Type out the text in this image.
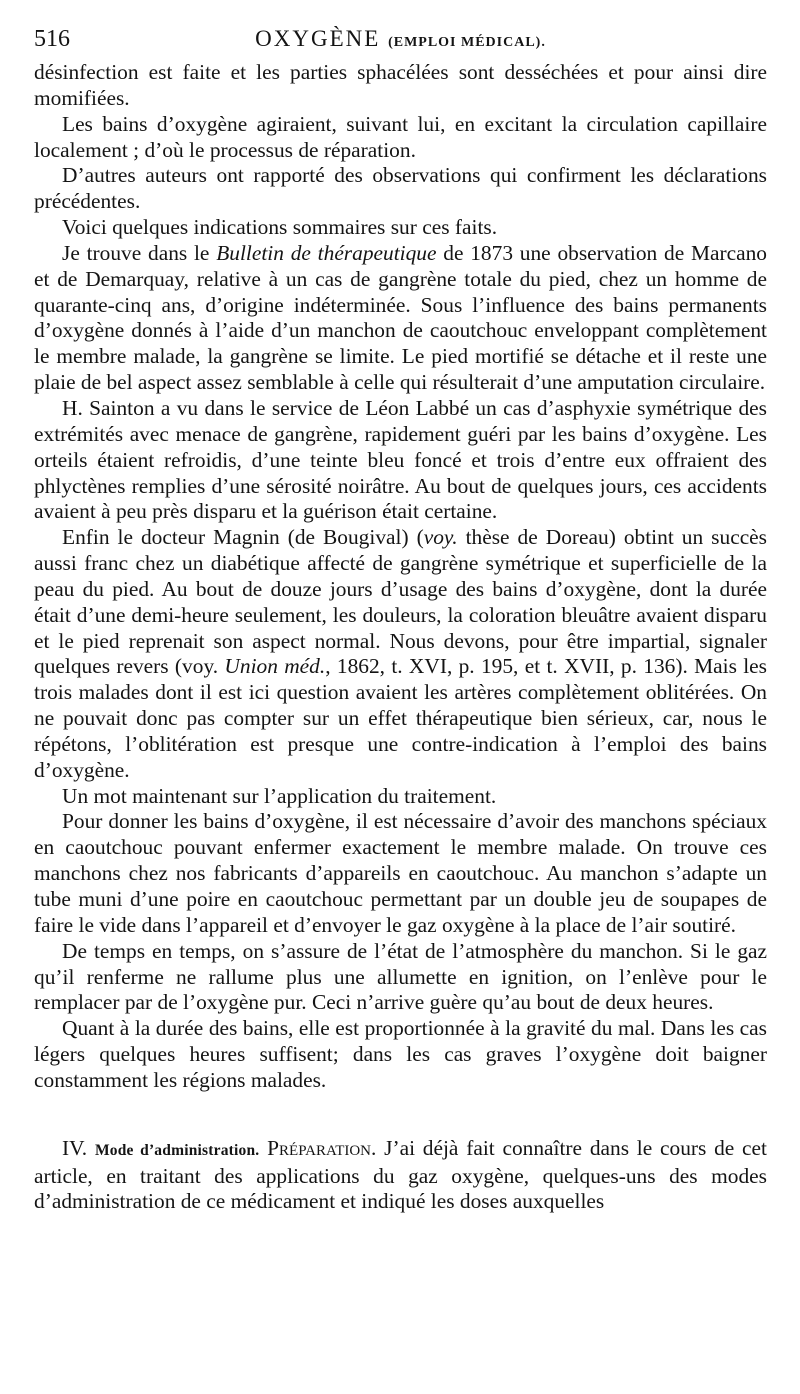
516	OXYGÈNE (EMPLOI MÉDICAL).

désinfection est faite et les parties sphacélées sont desséchées et pour ainsi dire momifiées.

Les bains d’oxygène agiraient, suivant lui, en excitant la circulation capillaire localement ; d’où le processus de réparation.

D’autres auteurs ont rapporté des observations qui confirment les déclarations précédentes.

Voici quelques indications sommaires sur ces faits.

Je trouve dans le Bulletin de thérapeutique de 1873 une observation de Marcano et de Demarquay, relative à un cas de gangrène totale du pied, chez un homme de quarante-cinq ans, d’origine indéterminée. Sous l’influence des bains permanents d’oxygène donnés à l’aide d’un manchon de caoutchouc enveloppant complètement le membre malade, la gangrène se limite. Le pied mortifié se détache et il reste une plaie de bel aspect assez semblable à celle qui résulterait d’une amputation circulaire.

H. Sainton a vu dans le service de Léon Labbé un cas d’asphyxie symétrique des extrémités avec menace de gangrène, rapidement guéri par les bains d’oxygène. Les orteils étaient refroidis, d’une teinte bleu foncé et trois d’entre eux offraient des phlyctènes remplies d’une sérosité noirâtre. Au bout de quelques jours, ces accidents avaient à peu près disparu et la guérison était certaine.

Enfin le docteur Magnin (de Bougival) (voy. thèse de Doreau) obtint un succès aussi franc chez un diabétique affecté de gangrène symétrique et superficielle de la peau du pied. Au bout de douze jours d’usage des bains d’oxygène, dont la durée était d’une demi-heure seulement, les douleurs, la coloration bleuâtre avaient disparu et le pied reprenait son aspect normal. Nous devons, pour être impartial, signaler quelques revers (voy. Union méd., 1862, t. XVI, p. 195, et t. XVII, p. 136). Mais les trois malades dont il est ici question avaient les artères complètement oblitérées. On ne pouvait donc pas compter sur un effet thérapeutique bien sérieux, car, nous le répétons, l’oblitération est presque une contre-indication à l’emploi des bains d’oxygène.

Un mot maintenant sur l’application du traitement.

Pour donner les bains d’oxygène, il est nécessaire d’avoir des manchons spéciaux en caoutchouc pouvant enfermer exactement le membre malade. On trouve ces manchons chez nos fabricants d’appareils en caoutchouc. Au manchon s’adapte un tube muni d’une poire en caoutchouc permettant par un double jeu de soupapes de faire le vide dans l’appareil et d’envoyer le gaz oxygène à la place de l’air soutiré.

De temps en temps, on s’assure de l’état de l’atmosphère du manchon. Si le gaz qu’il renferme ne rallume plus une allumette en ignition, on l’enlève pour le remplacer par de l’oxygène pur. Ceci n’arrive guère qu’au bout de deux heures.

Quant à la durée des bains, elle est proportionnée à la gravité du mal. Dans les cas légers quelques heures suffisent; dans les cas graves l’oxygène doit baigner constamment les régions malades.

IV. Mode d’administration. Préparation. J’ai déjà fait connaître dans le cours de cet article, en traitant des applications du gaz oxygène, quelques-uns des modes d’administration de ce médicament et indiqué les doses auxquelles
